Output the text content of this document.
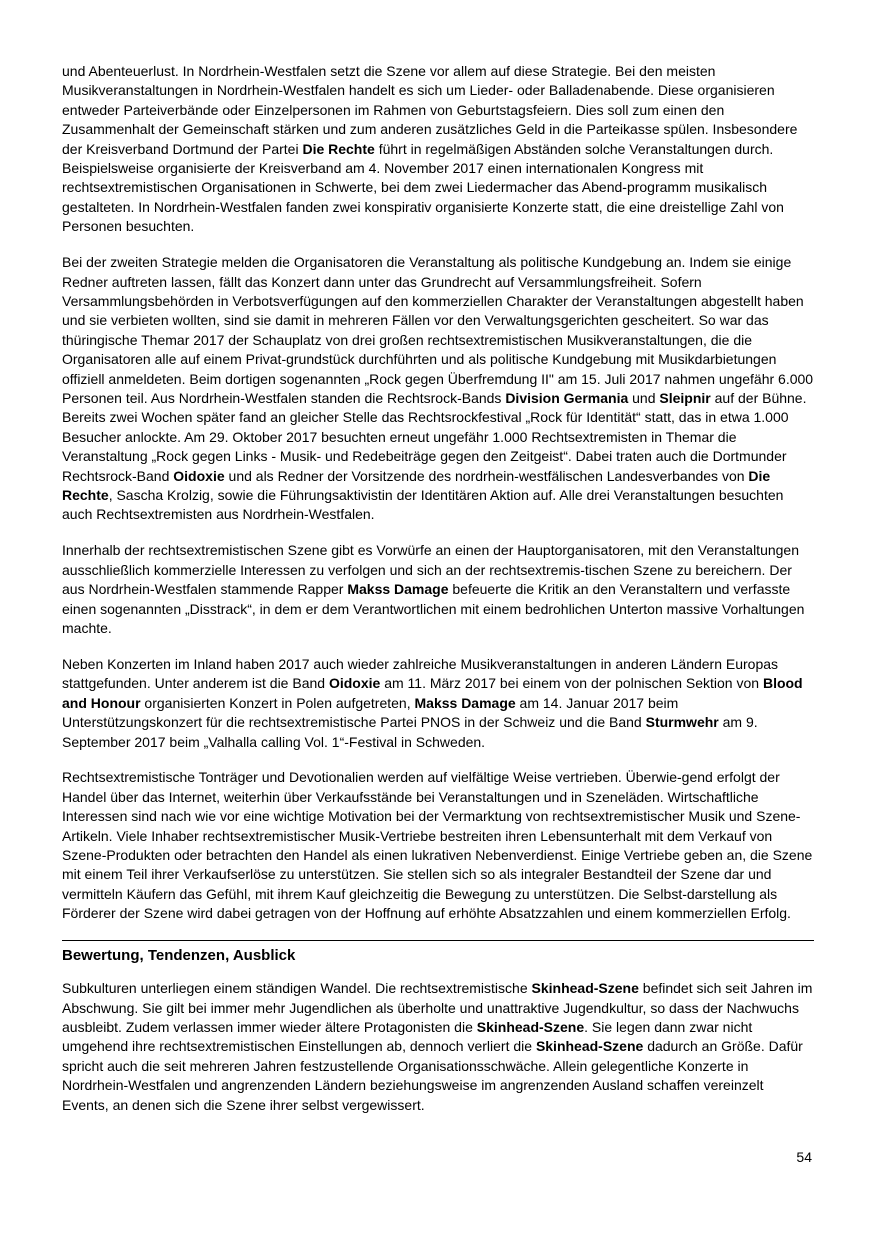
und Abenteuerlust. In Nordrhein-Westfalen setzt die Szene vor allem auf diese Strategie. Bei den meisten Musikveranstaltungen in Nordrhein-Westfalen handelt es sich um Lieder- oder Balladenabende. Diese organisieren entweder Parteiverbände oder Einzelpersonen im Rahmen von Geburtstagsfeiern. Dies soll zum einen den Zusammenhalt der Gemeinschaft stärken und zum anderen zusätzliches Geld in die Parteikasse spülen. Insbesondere der Kreisverband Dortmund der Partei Die Rechte führt in regelmäßigen Abständen solche Veranstaltungen durch. Beispielsweise organisierte der Kreisverband am 4. November 2017 einen internationalen Kongress mit rechtsextremistischen Organisationen in Schwerte, bei dem zwei Liedermacher das Abend-programm musikalisch gestalteten. In Nordrhein-Westfalen fanden zwei konspirativ organisierte Konzerte statt, die eine dreistellige Zahl von Personen besuchten.

Bei der zweiten Strategie melden die Organisatoren die Veranstaltung als politische Kundgebung an. Indem sie einige Redner auftreten lassen, fällt das Konzert dann unter das Grundrecht auf Versammlungsfreiheit. Sofern Versammlungsbehörden in Verbotsverfügungen auf den kommerziellen Charakter der Veranstaltungen abgestellt haben und sie verbieten wollten, sind sie damit in mehreren Fällen vor den Verwaltungsgerichten gescheitert. So war das thüringische Themar 2017 der Schauplatz von drei großen rechtsextremistischen Musikveranstaltungen, die die Organisatoren alle auf einem Privat-grundstück durchführten und als politische Kundgebung mit Musikdarbietungen offiziell anmeldeten. Beim dortigen sogenannten „Rock gegen Überfremdung II" am 15. Juli 2017 nahmen ungefähr 6.000 Personen teil. Aus Nordrhein-Westfalen standen die Rechtsrock-Bands Division Germania und Sleipnir auf der Bühne. Bereits zwei Wochen später fand an gleicher Stelle das Rechtsrockfestival „Rock für Identität“ statt, das in etwa 1.000 Besucher anlockte. Am 29. Oktober 2017 besuchten erneut ungefähr 1.000 Rechtsextremisten in Themar die Veranstaltung „Rock gegen Links - Musik- und Redebeiträge gegen den Zeitgeist“. Dabei traten auch die Dortmunder Rechtsrock-Band Oidoxie und als Redner der Vorsitzende des nordrhein-westfälischen Landesverbandes von Die Rechte, Sascha Krolzig, sowie die Führungsaktivistin der Identitären Aktion auf. Alle drei Veranstaltungen besuchten auch Rechtsextremisten aus Nordrhein-Westfalen.

Innerhalb der rechtsextremistischen Szene gibt es Vorwürfe an einen der Hauptorganisatoren, mit den Veranstaltungen ausschließlich kommerzielle Interessen zu verfolgen und sich an der rechtsextremis-tischen Szene zu bereichern. Der aus Nordrhein-Westfalen stammende Rapper Makss Damage befeuerte die Kritik an den Veranstaltern und verfasste einen sogenannten „Disstrack“, in dem er dem Verantwortlichen mit einem bedrohlichen Unterton massive Vorhaltungen machte.

Neben Konzerten im Inland haben 2017 auch wieder zahlreiche Musikveranstaltungen in anderen Ländern Europas stattgefunden. Unter anderem ist die Band Oidoxie am 11. März 2017 bei einem von der polnischen Sektion von Blood and Honour organisierten Konzert in Polen aufgetreten, Makss Damage am 14. Januar 2017 beim Unterstützungskonzert für die rechtsextremistische Partei PNOS in der Schweiz und die Band Sturmwehr am 9. September 2017 beim „Valhalla calling Vol. 1“-Festival in Schweden.

Rechtsextremistische Tonträger und Devotionalien werden auf vielfältige Weise vertrieben. Überwie-gend erfolgt der Handel über das Internet, weiterhin über Verkaufsstände bei Veranstaltungen und in Szeneläden. Wirtschaftliche Interessen sind nach wie vor eine wichtige Motivation bei der Vermarktung von rechtsextremistischer Musik und Szene-Artikeln. Viele Inhaber rechtsextremistischer Musik-Vertriebe bestreiten ihren Lebensunterhalt mit dem Verkauf von Szene-Produkten oder betrachten den Handel als einen lukrativen Nebenverdienst. Einige Vertriebe geben an, die Szene mit einem Teil ihrer Verkaufserlöse zu unterstützen. Sie stellen sich so als integraler Bestandteil der Szene dar und vermitteln Käufern das Gefühl, mit ihrem Kauf gleichzeitig die Bewegung zu unterstützen. Die Selbst-darstellung als Förderer der Szene wird dabei getragen von der Hoffnung auf erhöhte Absatzzahlen und einem kommerziellen Erfolg.

Bewertung, Tendenzen, Ausblick

Subkulturen unterliegen einem ständigen Wandel. Die rechtsextremistische Skinhead-Szene befindet sich seit Jahren im Abschwung. Sie gilt bei immer mehr Jugendlichen als überholte und unattraktive Jugendkultur, so dass der Nachwuchs ausbleibt. Zudem verlassen immer wieder ältere Protagonisten die Skinhead-Szene. Sie legen dann zwar nicht umgehend ihre rechtsextremistischen Einstellungen ab, dennoch verliert die Skinhead-Szene dadurch an Größe. Dafür spricht auch die seit mehreren Jahren festzustellende Organisationsschwäche. Allein gelegentliche Konzerte in Nordrhein-Westfalen und angrenzenden Ländern beziehungsweise im angrenzenden Ausland schaffen vereinzelt Events, an denen sich die Szene ihrer selbst vergewissert.

54
